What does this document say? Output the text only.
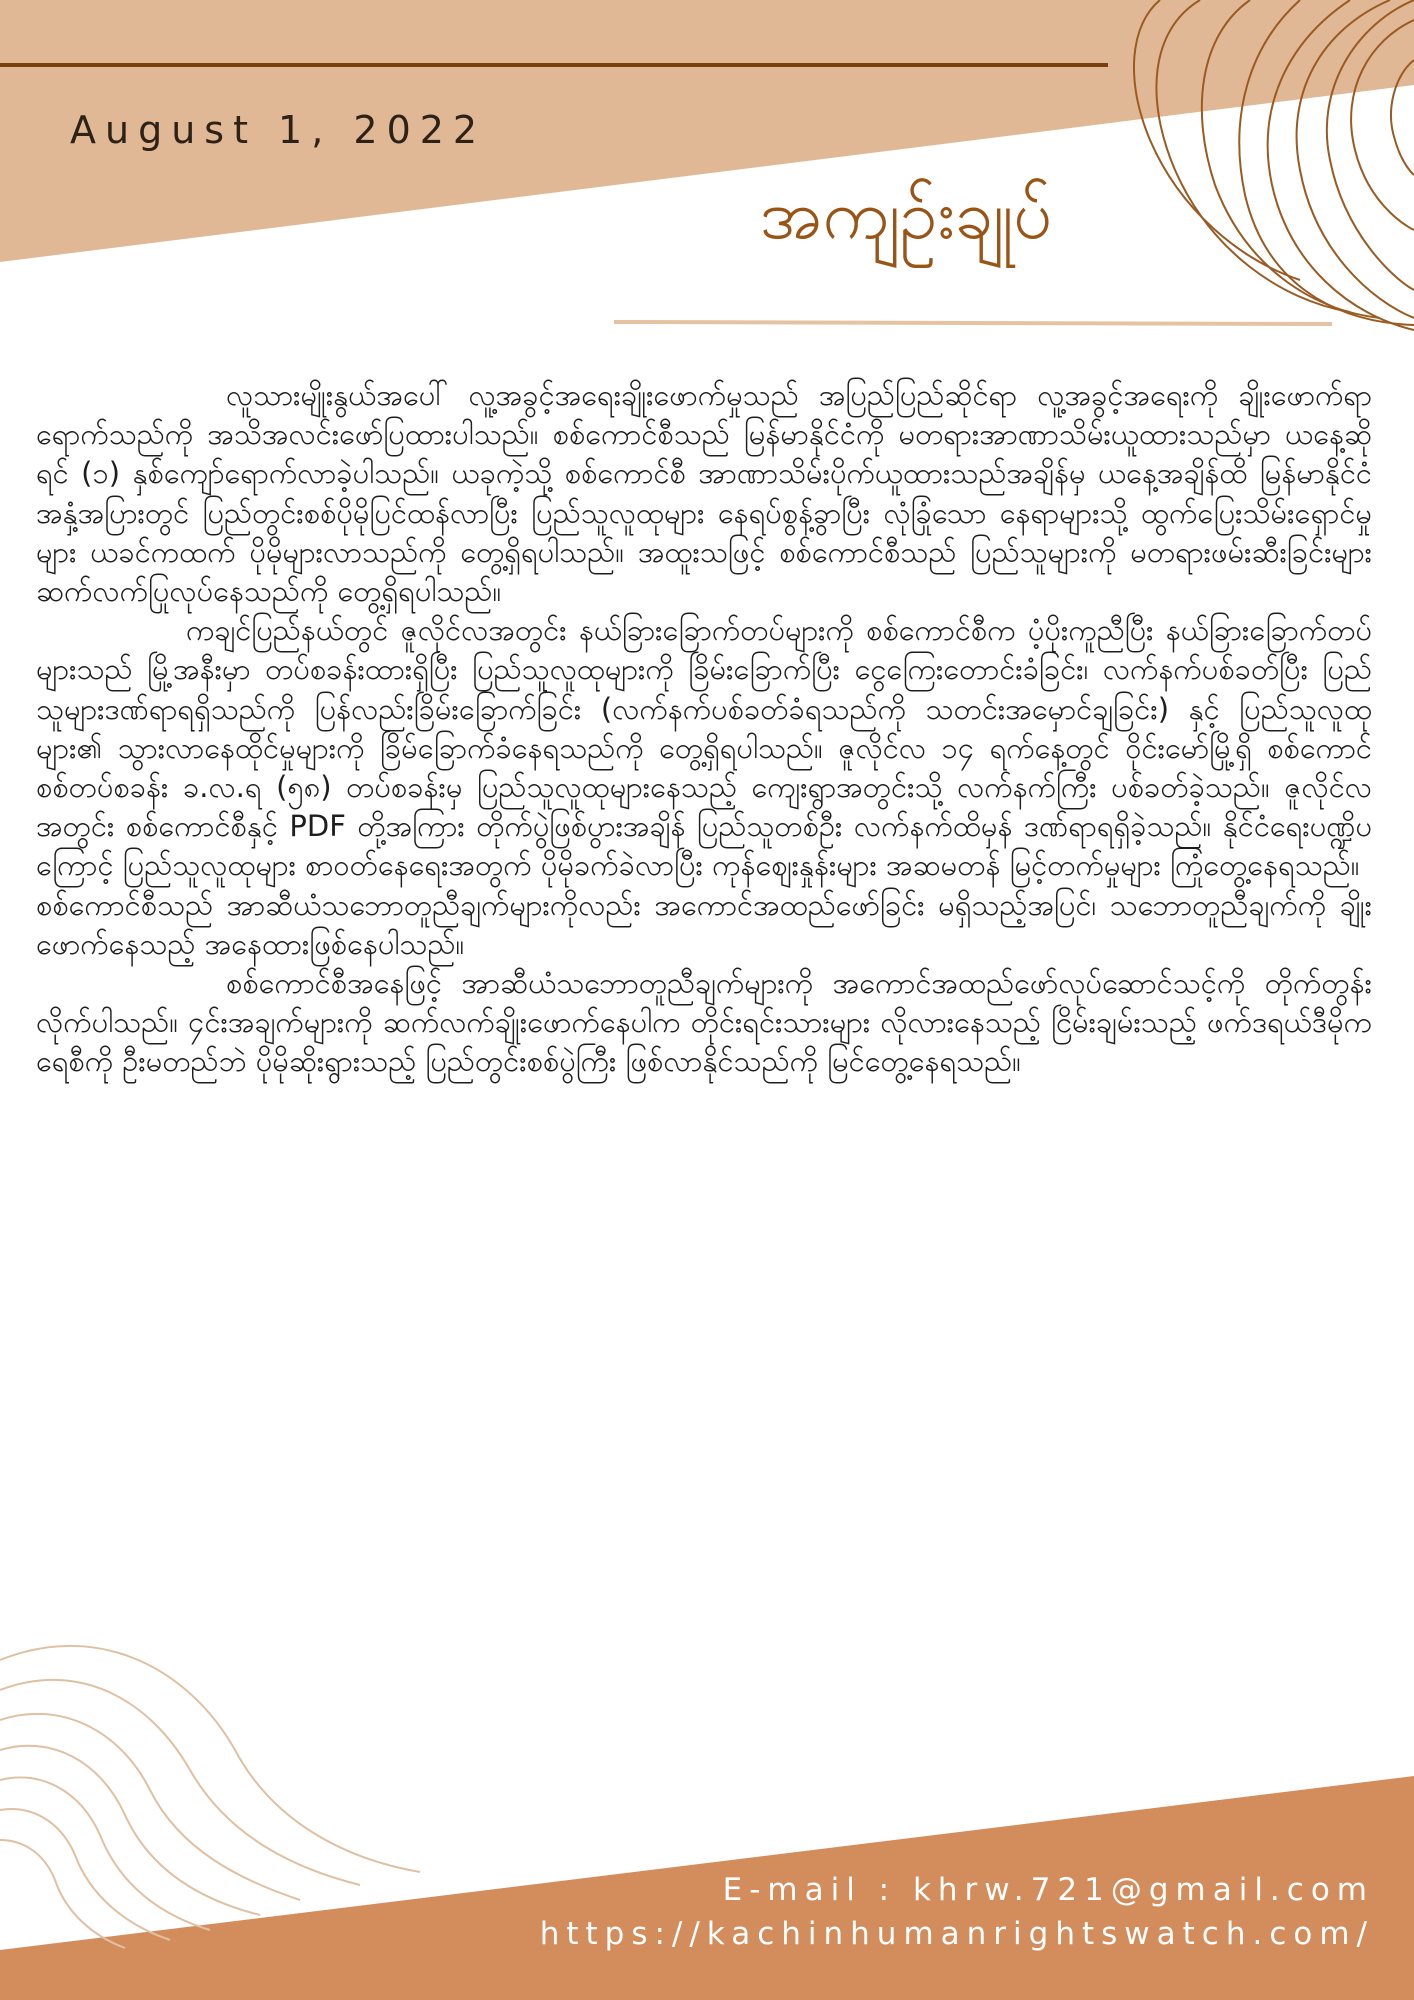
August 1, 2022
အကျဉ်းချုပ်

လူသားမျိုးနွယ်အပေါ် လူ့အခွင့်အရေးချိုးဖောက်မှုသည် အပြည်ပြည်ဆိုင်ရာ လူ့အခွင့်အရေးကို ချိုးဖောက်ရာရောက်သည်ကို အသိအလင်းဖော်ပြထားပါသည်။ စစ်ကောင်စီသည် မြန်မာနိုင်ငံကို မတရားအာဏာသိမ်းယူထားသည်မှာ ယနေ့ဆိုရင် (၁) နှစ်ကျော်ရောက်လာခဲ့ပါသည်။ ယခုကဲ့သို့ စစ်ကောင်စီ အာဏာသိမ်းပိုက်ယူထားသည်အချိန်မှ ယနေ့အချိန်ထိ မြန်မာနိုင်ငံအနှံ့အပြားတွင် ပြည်တွင်းစစ်ပိုမိုပြင်ထန်လာပြီး ပြည်သူလူထုများ နေရပ်စွန့်ခွာပြီး လုံခြုံသော နေရာများသို့ ထွက်ပြေးသိမ်းရှောင်မှုများ ယခင်ကထက် ပိုမိုများလာသည်ကို တွေ့ရှိရပါသည်။ အထူးသဖြင့် စစ်ကောင်စီသည် ပြည်သူများကို မတရားဖမ်းဆီးခြင်းများ ဆက်လက်ပြုလုပ်နေသည်ကို တွေ့ရှိရပါသည်။

ကချင်ပြည်နယ်တွင် ဇူလိုင်လအတွင်း နယ်ခြားခြောက်တပ်များကို စစ်ကောင်စီက ပံ့ပိုးကူညီပြီး နယ်ခြားခြောက်တပ်များသည် မြို့အနီးမှာ တပ်စခန်းထားရှိပြီး ပြည်သူလူထုများကို ခြိမ်းခြောက်ပြီး ငွေကြေးတောင်းခံခြင်း၊ လက်နက်ပစ်ခတ်ပြီး ပြည်သူများဒဏ်ရာရရှိသည်ကို ပြန်လည်းခြိမ်းခြောက်ခြင်း (လက်နက်ပစ်ခတ်ခံရသည်ကို သတင်းအမှောင်ချခြင်း) နှင့် ပြည်သူလူထုများ၏ သွားလာနေထိုင်မှုများကို ခြိမ်ခြောက်ခံနေရသည်ကို တွေ့ရှိရပါသည်။ ဇူလိုင်လ ၁၄ ရက်နေ့တွင် ဝိုင်းမော်မြို့ရှိ စစ်ကောင်စစ်တပ်စခန်း ခ.လ.ရ (၅၈) တပ်စခန်းမှ ပြည်သူလူထုများနေသည့် ကျေးရွာအတွင်းသို့ လက်နက်ကြီး ပစ်ခတ်ခဲ့သည်။ ဇူလိုင်လအတွင်း စစ်ကောင်စီနှင့် PDF တို့အကြား တိုက်ပွဲဖြစ်ပွားအချိန် ပြည်သူတစ်ဦး လက်နက်ထိမှန် ဒဏ်ရာရရှိခဲ့သည်။ နိုင်ငံရေးပဏ္ဍိပကြောင့် ပြည်သူလူထုများ စာဝတ်နေရေးအတွက် ပိုမိုခက်ခဲလာပြီး ကုန်ဈေးနှုန်းများ အဆမတန် မြင့်တက်မှုများ ကြုံတွေ့နေရသည်။

စစ်ကောင်စီသည် အာဆီယံသဘောတူညီချက်များကိုလည်း အကောင်အထည်ဖော်ခြင်း မရှိသည့်အပြင်၊ သဘောတူညီချက်ကို ချိုးဖောက်နေသည့် အနေထားဖြစ်နေပါသည်။

စစ်ကောင်စီအနေဖြင့် အာဆီယံသဘောတူညီချက်များကို အကောင်အထည်ဖော်လုပ်ဆောင်သင့်ကို တိုက်တွန်းလိုက်ပါသည်။ ၄င်းအချက်များကို ဆက်လက်ချိုးဖောက်နေပါက တိုင်းရင်းသားများ လိုလားနေသည့် ငြိမ်းချမ်းသည့် ဖက်ဒရယ်ဒီမိုကရေစီကို ဦးမတည်ဘဲ ပိုမိုဆိုးရွားသည့် ပြည်တွင်းစစ်ပွဲကြီး ဖြစ်လာနိုင်သည်ကို မြင်တွေ့နေရသည်။

E-mail : khrw.721@gmail.com
https://kachinhumanrightswatch.com/
